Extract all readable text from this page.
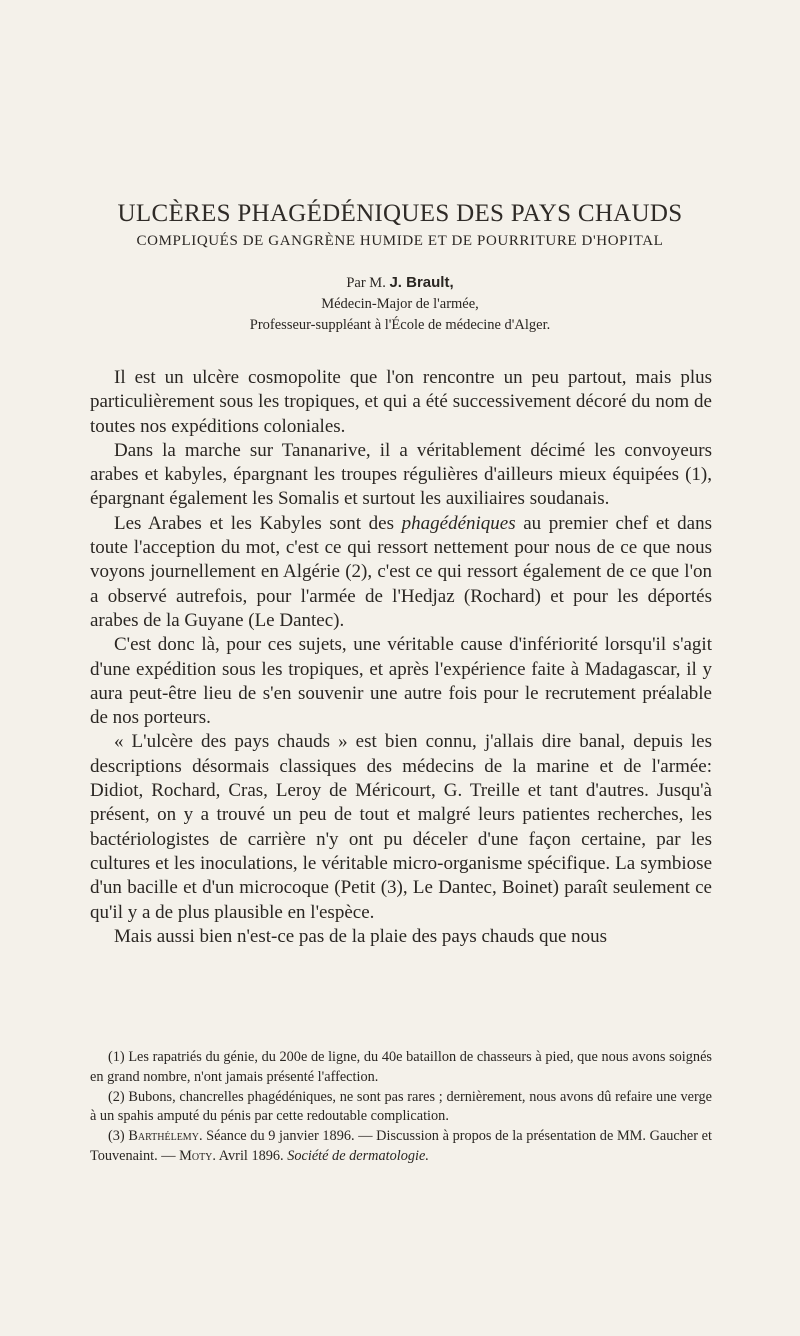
ULCÈRES PHAGÉDÉNIQUES DES PAYS CHAUDS
COMPLIQUÉS DE GANGRÈNE HUMIDE ET DE POURRITURE D'HOPITAL
Par M. J. Brault,
Médecin-Major de l'armée,
Professeur-suppléant à l'École de médecine d'Alger.

Il est un ulcère cosmopolite que l'on rencontre un peu partout, mais plus particulièrement sous les tropiques, et qui a été successivement décoré du nom de toutes nos expéditions coloniales.

Dans la marche sur Tananarive, il a véritablement décimé les convoyeurs arabes et kabyles, épargnant les troupes régulières d'ailleurs mieux équipées (1), épargnant également les Somalis et surtout les auxiliaires soudanais.

Les Arabes et les Kabyles sont des phagédéniques au premier chef et dans toute l'acception du mot, c'est ce qui ressort nettement pour nous de ce que nous voyons journellement en Algérie (2), c'est ce qui ressort également de ce que l'on a observé autrefois, pour l'armée de l'Hedjaz (Rochard) et pour les déportés arabes de la Guyane (Le Dantec).

C'est donc là, pour ces sujets, une véritable cause d'infériorité lorsqu'il s'agit d'une expédition sous les tropiques, et après l'expérience faite à Madagascar, il y aura peut-être lieu de s'en souvenir une autre fois pour le recrutement préalable de nos porteurs.

« L'ulcère des pays chauds » est bien connu, j'allais dire banal, depuis les descriptions désormais classiques des médecins de la marine et de l'armée: Didiot, Rochard, Cras, Leroy de Méricourt, G. Treille et tant d'autres. Jusqu'à présent, on y a trouvé un peu de tout et malgré leurs patientes recherches, les bactériologistes de carrière n'y ont pu déceler d'une façon certaine, par les cultures et les inoculations, le véritable micro-organisme spécifique. La symbiose d'un bacille et d'un microcoque (Petit (3), Le Dantec, Boinet) paraît seulement ce qu'il y a de plus plausible en l'espèce.

Mais aussi bien n'est-ce pas de la plaie des pays chauds que nous

(1) Les rapatriés du génie, du 200e de ligne, du 40e bataillon de chasseurs à pied, que nous avons soignés en grand nombre, n'ont jamais présenté l'affection.

(2) Bubons, chancrelles phagédéniques, ne sont pas rares ; dernièrement, nous avons dû refaire une verge à un spahis amputé du pénis par cette redoutable complication.

(3) Barthélemy. Séance du 9 janvier 1896. — Discussion à propos de la présentation de MM. Gaucher et Touvenaint. — Moty. Avril 1896. Société de dermatologie.
